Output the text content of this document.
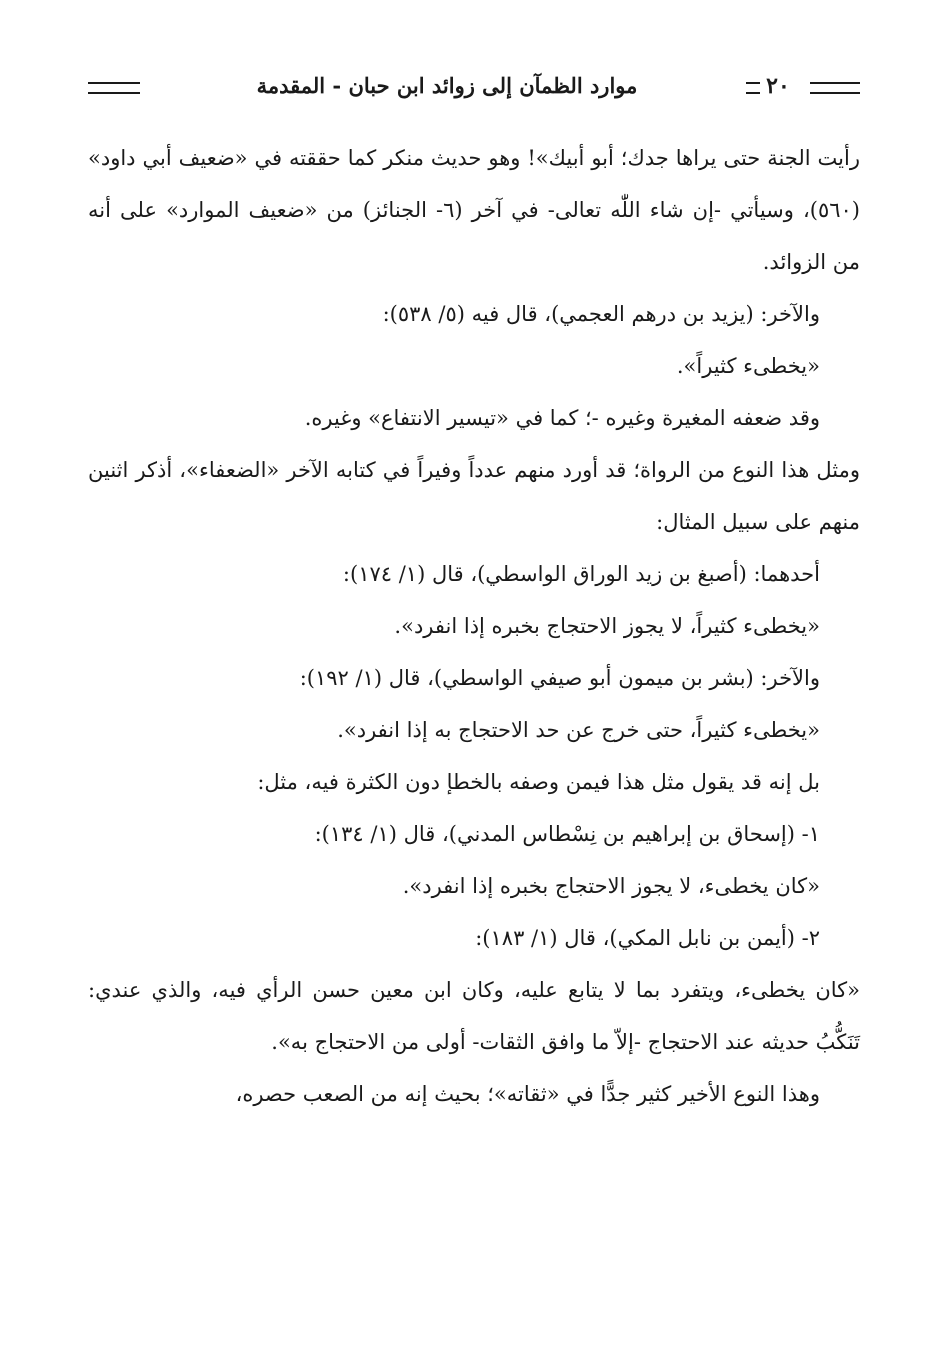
٢٠
موارد الظمآن إلى زوائد ابن حبان - المقدمة

رأيت الجنة حتى يراها جدك؛ أبو أبيك»! وهو حديث منكر كما حققته في «ضعيف أبي داود» (٥٦٠)، وسيأتي -إن شاء اللّٰه تعالى- في آخر (٦- الجنائز) من «ضعيف الموارد» على أنه من الزوائد.

والآخر: (يزيد بن درهم العجمي)، قال فيه (٥/ ٥٣٨):

«يخطىء كثيراً».

وقد ضعفه المغيرة وغيره -؛ كما في «تيسير الانتفاع» وغيره.

ومثل هذا النوع من الرواة؛ قد أورد منهم عدداً وفيراً في كتابه الآخر «الضعفاء»، أذكر اثنين منهم على سبيل المثال:

أحدهما: (أصبغ بن زيد الوراق الواسطي)، قال (١/ ١٧٤):

«يخطىء كثيراً، لا يجوز الاحتجاج بخبره إذا انفرد».

والآخر: (بشر بن ميمون أبو صيفي الواسطي)، قال (١/ ١٩٢):

«يخطىء كثيراً، حتى خرج عن حد الاحتجاج به إذا انفرد».

بل إنه قد يقول مثل هذا فيمن وصفه بالخطإ دون الكثرة فيه، مثل:

١- (إسحاق بن إبراهيم بن نِسْطاس المدني)، قال (١/ ١٣٤):

«كان يخطىء، لا يجوز الاحتجاج بخبره إذا انفرد».

٢- (أيمن بن نابل المكي)، قال (١/ ١٨٣):

«كان يخطىء، ويتفرد بما لا يتابع عليه، وكان ابن معين حسن الرأي فيه، والذي عندي: تَنَكُّبُ حديثه عند الاحتجاج -إلاّ ما وافق الثقات- أولى من الاحتجاج به».

وهذا النوع الأخير كثير جدًّا في «ثقاته»؛ بحيث إنه من الصعب حصره،
